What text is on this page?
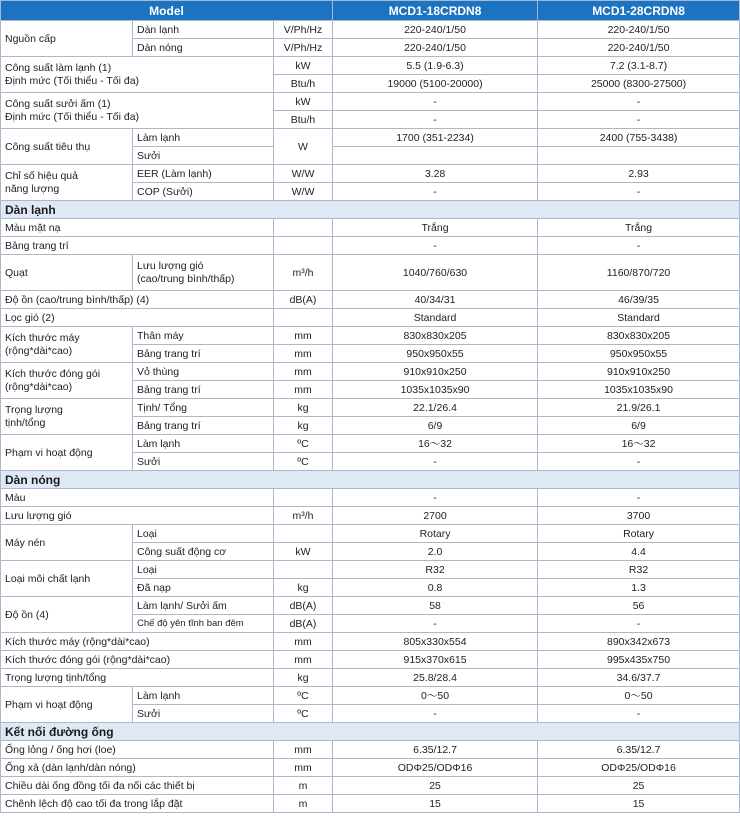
Model			MCD1-18CRDN8	MCD1-28CRDN8
Nguồn cấp	Dàn lạnh	V/Ph/Hz	220-240/1/50	220-240/1/50
	Dàn nóng	V/Ph/Hz	220-240/1/50	220-240/1/50
Công suất làm lạnh (1)
Định mức (Tối thiểu - Tối đa)		kW	5.5 (1.9-6.3)	7.2 (3.1-8.7)
		Btu/h	19000 (5100-20000)	25000 (8300-27500)
Công suất sưởi ấm (1)
Định mức (Tối thiểu - Tối đa)		kW	-	-
		Btu/h	-	-
Công suất tiêu thụ	Làm lạnh	W	1700 (351-2234)	2400 (755-3438)
	Sưởi			
Chỉ số hiệu quả
năng lượng	EER (Làm lạnh)	W/W	3.28	2.93
	COP (Sưởi)	W/W	-	-
Dàn lạnh				
Màu mặt nạ			Trắng	Trắng
Bảng trang trí			-	-
Quạt	Lưu lượng gió
(cao/trung bình/thấp)	m³/h	1040/760/630	1160/870/720
Độ ồn (cao/trung bình/thấp) (4)		dB(A)	40/34/31	46/39/35
Lọc gió (2)			Standard	Standard
Kích thước máy
(rộng*dài*cao)	Thân máy	mm	830x830x205	830x830x205
	Bảng trang trí	mm	950x950x55	950x950x55
Kích thước đóng gói
(rộng*dài*cao)	Vỏ thùng	mm	910x910x250	910x910x250
	Bảng trang trí	mm	1035x1035x90	1035x1035x90
Trọng lượng
tịnh/tổng	Tịnh/ Tổng	kg	22.1/26.4	21.9/26.1
	Bảng trang trí	kg	6/9	6/9
Phạm vi hoạt động	Làm lạnh	ºC	16～32	16～32
	Sưởi	ºC	-	-
Dàn nóng				
Màu			-	-
Lưu lượng gió		m³/h	2700	3700
Máy nén	Loại		Rotary	Rotary
	Công suất động cơ	kW	2.0	4.4
Loại môi chất lạnh	Loại		R32	R32
	Đã nạp	kg	0.8	1.3
Độ ồn (4)	Làm lạnh/ Sưởi ấm	dB(A)	58	56
	Chế độ yên tĩnh ban đêm	dB(A)	-	-
Kích thước máy (rộng*dài*cao)		mm	805x330x554	890x342x673
Kích thước đóng gói (rộng*dài*cao)		mm	915x370x615	995x435x750
Trọng lượng tịnh/tổng		kg	25.8/28.4	34.6/37.7
Phạm vi hoạt động	Làm lạnh	ºC	0～50	0～50
	Sưởi	ºC	-	-
Kết nối đường ống				
Ống lỏng / ống hơi (loe)		mm	6.35/12.7	6.35/12.7
Ống xả (dàn lạnh/dàn nóng)		mm	ODΦ25/ODΦ16	ODΦ25/ODΦ16
Chiều dài ống đồng tối đa nối các thiết bị		m	25	25
Chênh lệch độ cao tối đa trong lắp đặt		m	15	15
